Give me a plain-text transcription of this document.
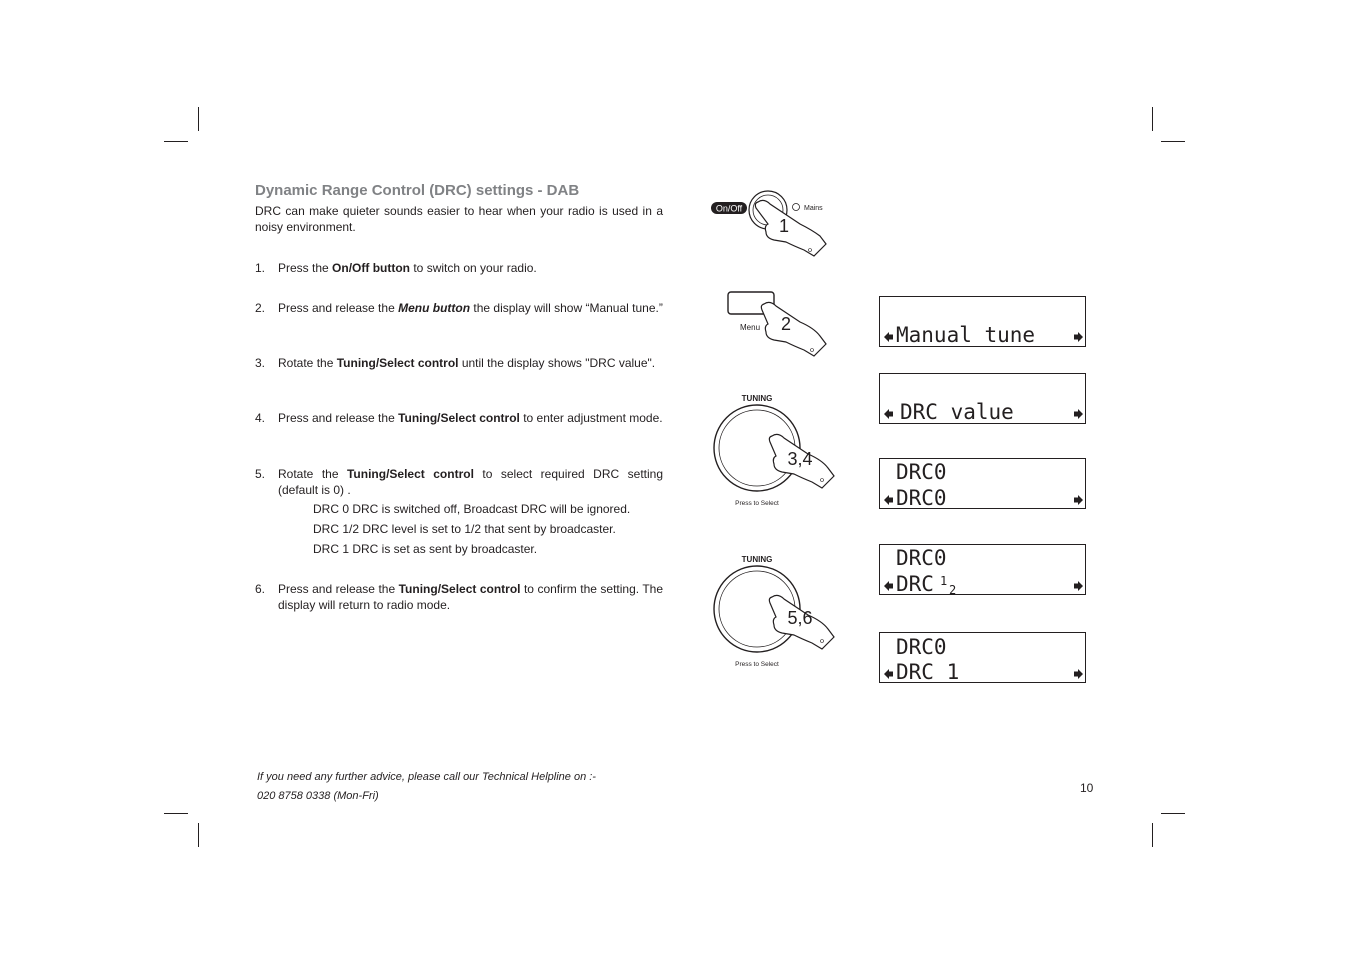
Dynamic Range Control (DRC) settings - DAB

DRC can make quieter sounds easier to hear when your radio is used in a noisy environment.

1. Press the On/Off button to switch on your radio.
2. Press and release the Menu button the display will show “Manual tune.”
3. Rotate the Tuning/Select control until the display shows "DRC value".
4. Press and release the Tuning/Select control to enter adjustment mode.
5. Rotate the Tuning/Select control to select required DRC setting (default is 0) .
DRC 0 DRC is switched off, Broadcast DRC will be ignored.
DRC 1/2 DRC level is set to 1/2 that sent by broadcaster.
DRC 1 DRC is set as sent by broadcaster.
6. Press and release the Tuning/Select control to confirm the setting. The display will return to radio mode.
If you need any further advice, please call our Technical Helpline on :-
020 8758 0338 (Mon-Fri)
10
On/Off	Mains
1
Menu 2
TUNING
3,4
Press to Select
TUNING
5,6
Press to Select
Manual tune
DRC value
DRC0
DRC0
DRC0
DRC 1
2
DRC0
DRC 1
